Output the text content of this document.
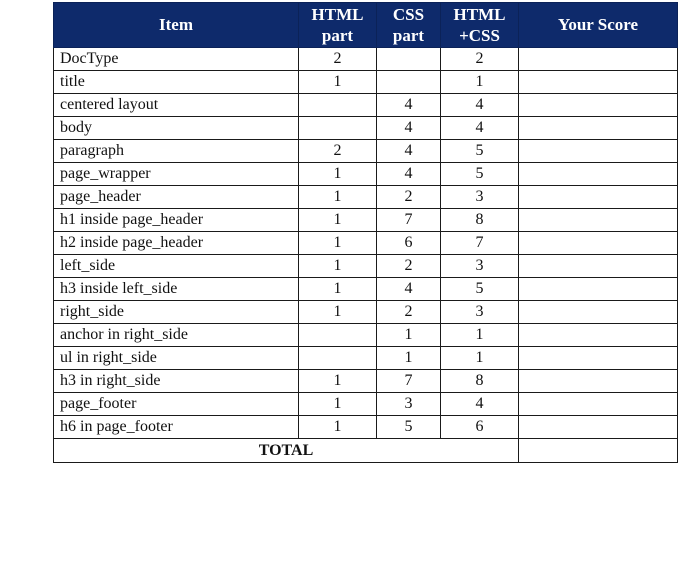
Item	HTML part	CSS part	HTML +CSS	Your Score
DocType	2		2	
title	1		1	
centered layout		4	4	
body		4	4	
paragraph	2	4	5	
page_wrapper	1	4	5	
page_header	1	2	3	
h1 inside page_header	1	7	8	
h2 inside page_header	1	6	7	
left_side	1	2	3	
h3 inside left_side	1	4	5	
right_side	1	2	3	
anchor in right_side		1	1	
ul in right_side		1	1	
h3 in right_side	1	7	8	
page_footer	1	3	4	
h6 in page_footer	1	5	6	
TOTAL				
